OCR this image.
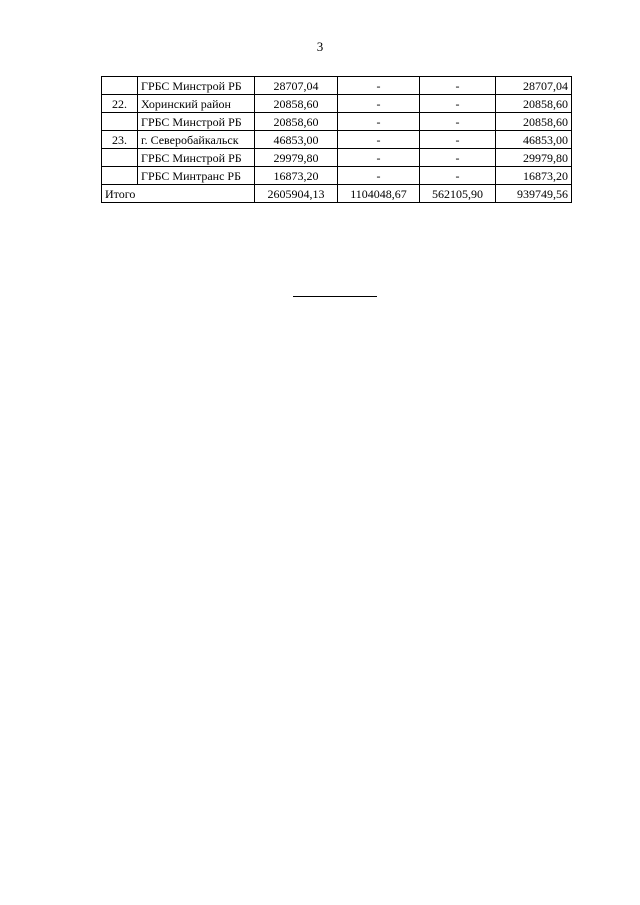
3
	ГРБС Минстрой РБ	28707,04	-	-	28707,04
22.	Хоринский район	20858,60	-	-	20858,60
	ГРБС Минстрой РБ	20858,60	-	-	20858,60
23.	г. Северобайкальск	46853,00	-	-	46853,00
	ГРБС Минстрой РБ	29979,80	-	-	29979,80
	ГРБС Минтранс РБ	16873,20	-	-	16873,20
Итого		2605904,13	1104048,67	562105,90	939749,56
